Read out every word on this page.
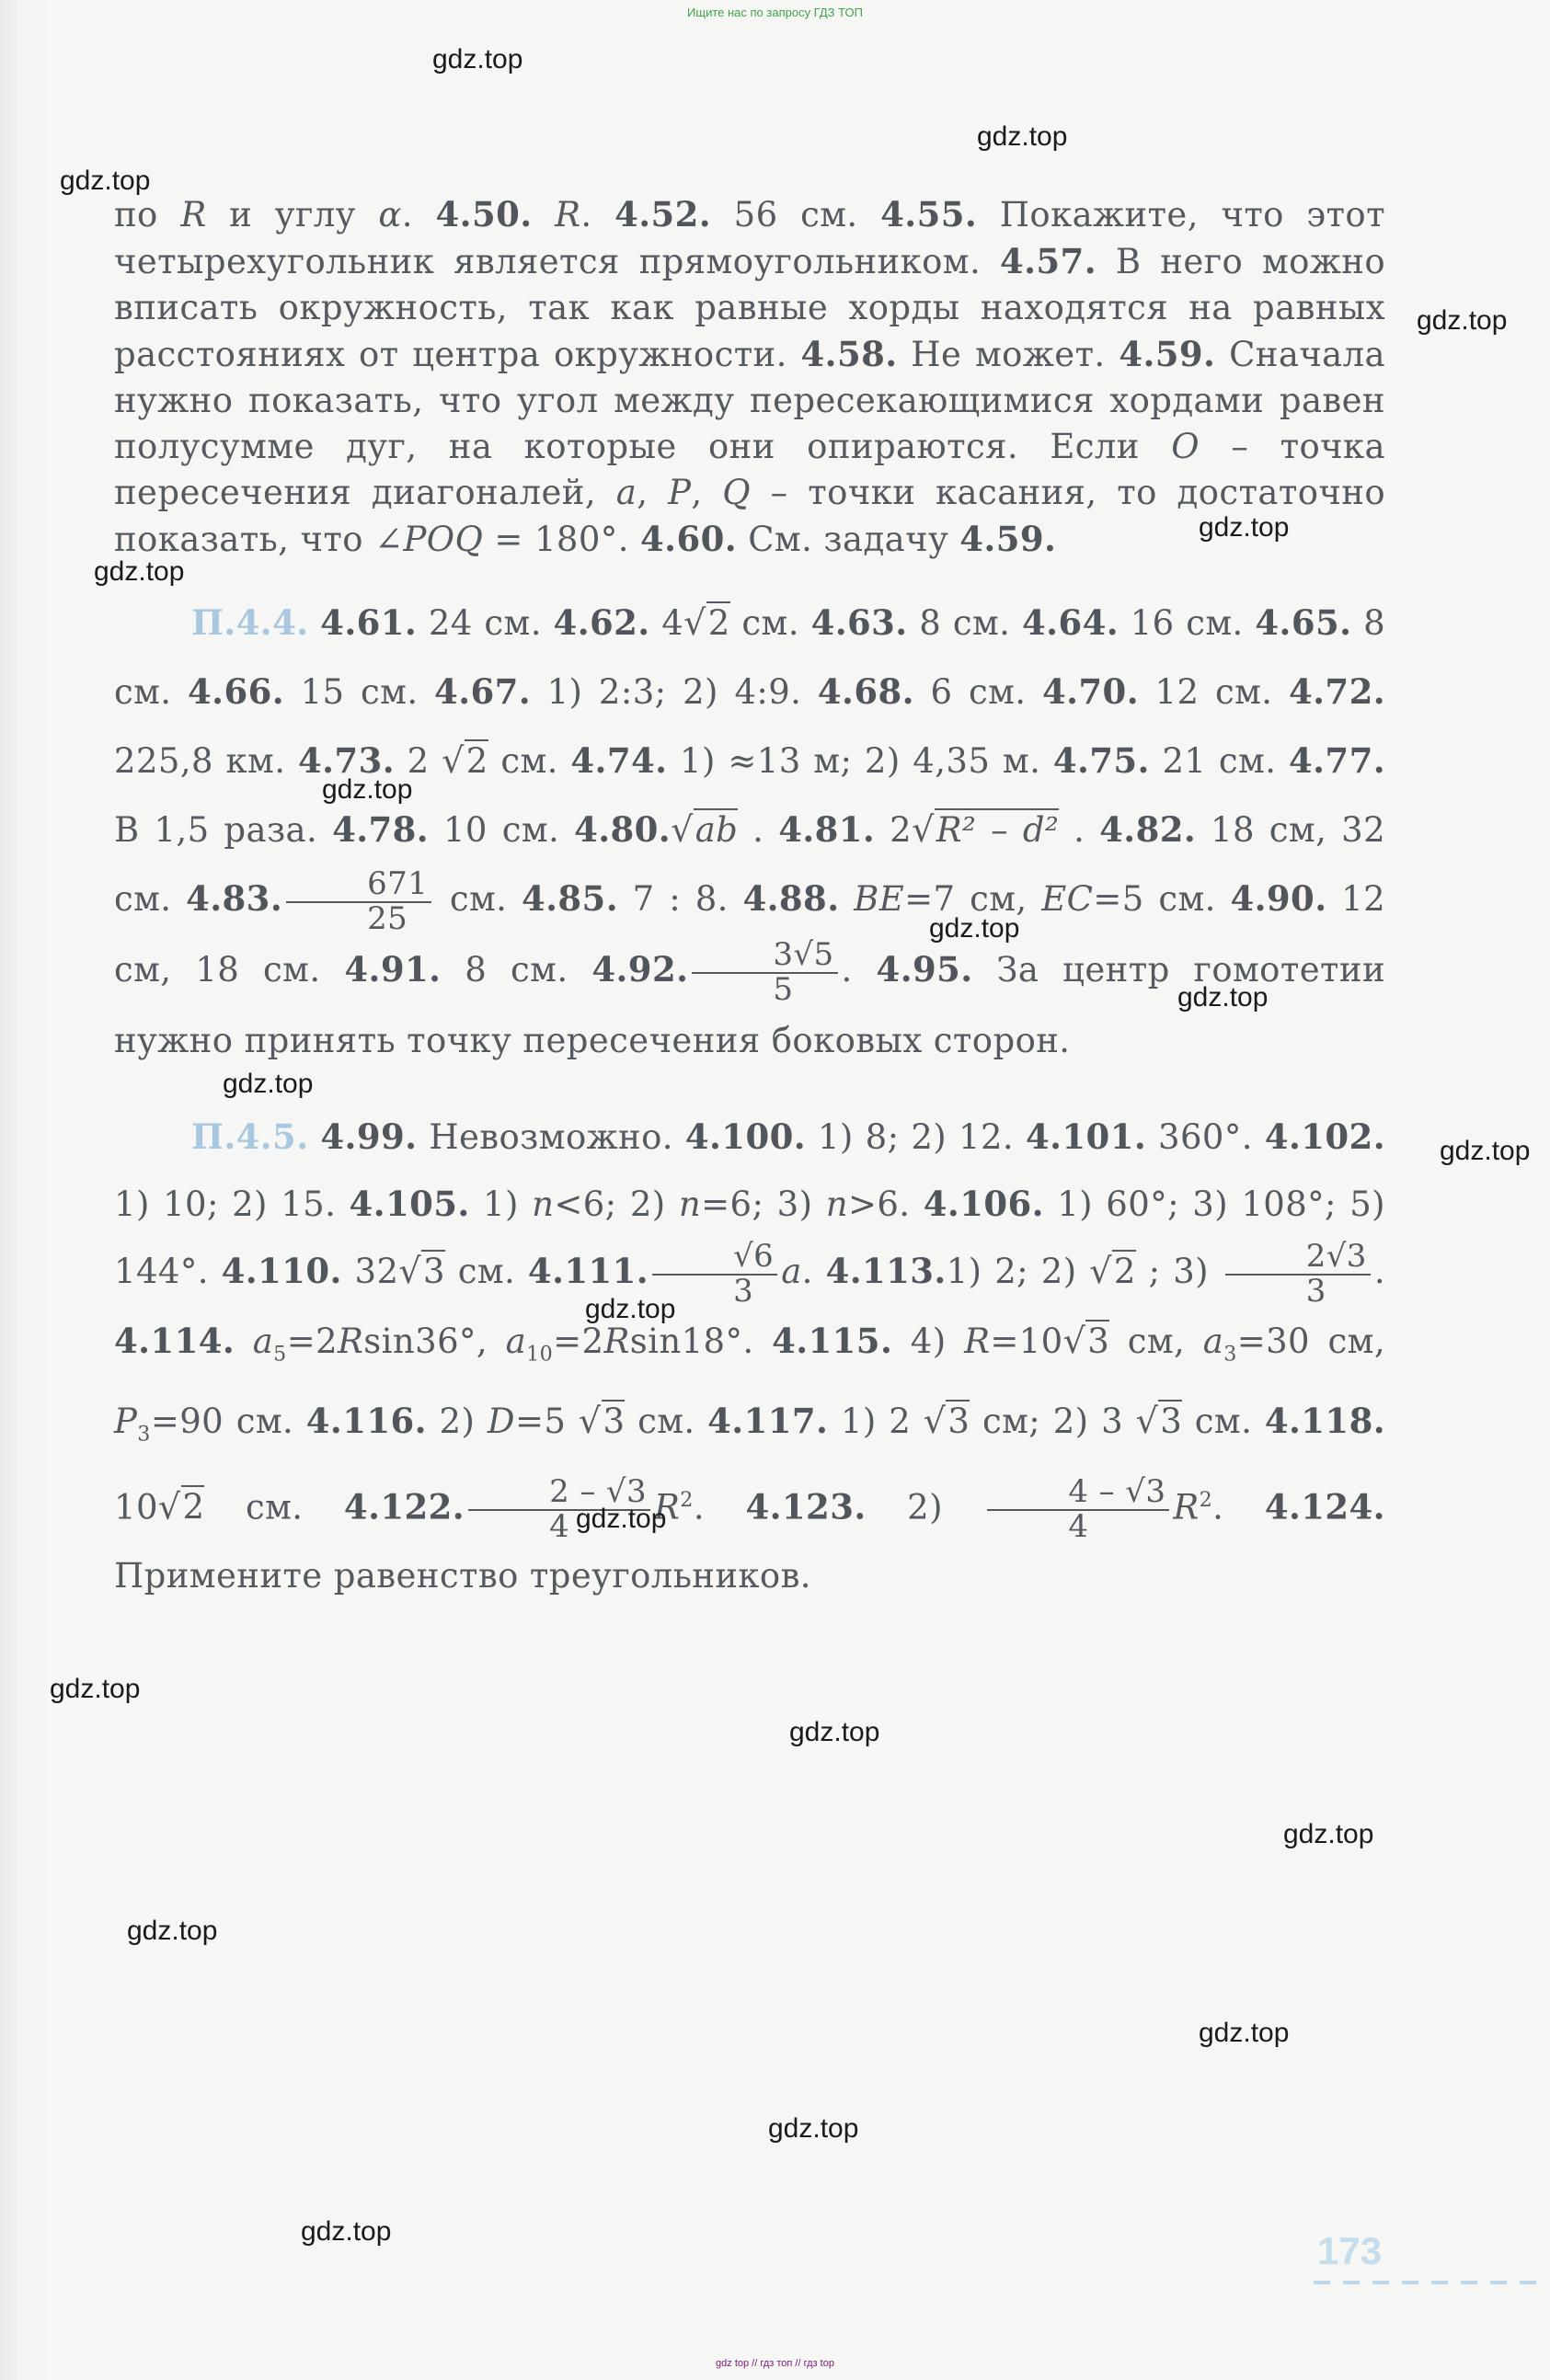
Ищите нас по запросу ГДЗ ТОП
по R и углу α. 4.50. R. 4.52. 56 см. 4.55. Покажите, что этот четырехугольник является прямоугольником. 4.57. В него можно вписать окружность, так как равные хорды находятся на равных расстояниях от центра окружности. 4.58. Не может. 4.59. Сначала нужно показать, что угол между пересекающимися хордами равен полусумме дуг, на которые они опираются. Если O – точка пересечения диагоналей, a, P, Q – точки касания, то достаточно показать, что ∠POQ = 180°. 4.60. См. задачу 4.59.
П.4.4. 4.61. 24 см. 4.62. 4√2 см. 4.63. 8 см. 4.64. 16 см. 4.65. 8 см. 4.66. 15 см. 4.67. 1) 2:3; 2) 4:9. 4.68. 6 см. 4.70. 12 см. 4.72. 225,8 км. 4.73. 2 √2 см. 4.74. 1) ≈13 м; 2) 4,35 м. 4.75. 21 см. 4.77. В 1,5 раза. 4.78. 10 см. 4.80.√ab . 4.81. 2√R² – d² . 4.82. 18 см, 32 см. 4.83. $\frac{671}{25}$ см. 4.85. 7 : 8. 4.88. BE=7 см, EC=5 см. 4.90. 12 см, 18 см. 4.91. 8 см. 4.92. $\frac{3√5}{5}$ . 4.95. За центр гомотетии нужно принять точку пересечения боковых сторон.
П.4.5. 4.99. Невозможно. 4.100. 1) 8; 2) 12. 4.101. 360°. 4.102. 1) 10; 2) 15. 4.105. 1) n<6; 2) n=6; 3) n>6. 4.106. 1) 60°; 3) 108°; 5) 144°. 4.110. 32√3 см. 4.111. $\frac{√6}{3} a$. 4.113.1) 2; 2) √2 ; $3) \frac{2√3}{3}$ . 4.114. $a_5=2Rsin36^\circ$, $a_{10}=2Rsin18^\circ$. 4.115. 4) R=10√3 см, $a_3=30$ см, $P_3=90$ см. 4.116. 2) D=5 √3 см. 4.117. 1) 2 √3 см; 2) 3 √3 см. 4.118. 10√2 см. 4.122. $\frac{2 - √3}{4} R^2$. 4.123. $2) \frac{4 - √3}{4} R^2$. 4.124. Примените равенство треугольников.
gdz.top
gdz.top
gdz.top
gdz.top
gdz.top
gdz.top
gdz.top
gdz.top
gdz.top
gdz.top
gdz.top
gdz.top
gdz.top
gdz.top
gdz.top
gdz.top
gdz.top
gdz.top
gdz.top
gdz.top	173
gdz top // гдз топ // гдз top
